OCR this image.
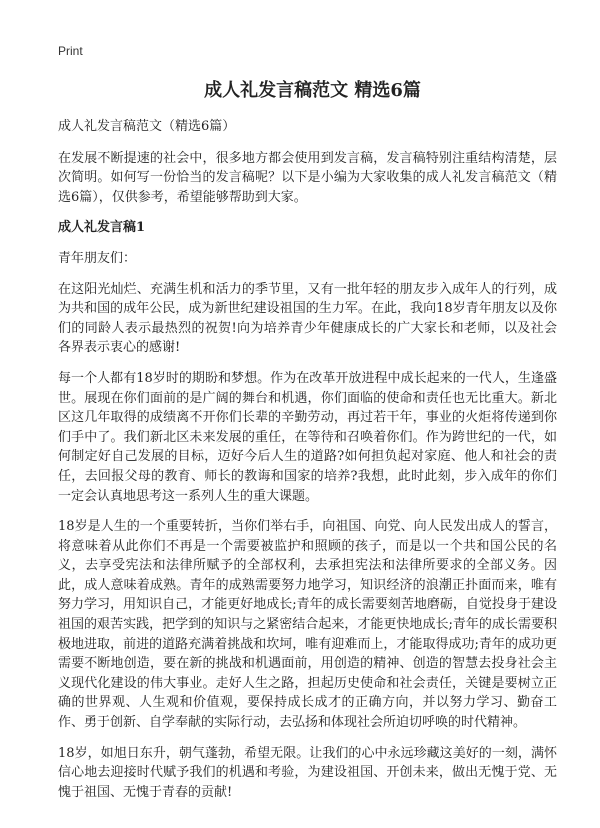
Print
成人礼发言稿范文 精选6篇

成人礼发言稿范文（精选6篇）

在发展不断提速的社会中，很多地方都会使用到发言稿，发言稿特别注重结构清楚，层次简明。如何写一份恰当的发言稿呢？以下是小编为大家收集的成人礼发言稿范文（精选6篇），仅供参考，希望能够帮助到大家。

成人礼发言稿1

青年朋友们：

在这阳光灿烂、充满生机和活力的季节里，又有一批年轻的朋友步入成年人的行列，成为共和国的成年公民，成为新世纪建设祖国的生力军。在此，我向18岁青年朋友以及你们的同龄人表示最热烈的祝贺!向为培养青少年健康成长的广大家长和老师，以及社会各界表示衷心的感谢!

每一个人都有18岁时的期盼和梦想。作为在改革开放进程中成长起来的一代人，生逢盛世。展现在你们面前的是广阔的舞台和机遇，你们面临的使命和责任也无比重大。新北区这几年取得的成绩离不开你们长辈的辛勤劳动，再过若干年，事业的火炬将传递到你们手中了。我们新北区未来发展的重任，在等待和召唤着你们。作为跨世纪的一代，如何制定好自己发展的目标，迈好今后人生的道路?如何担负起对家庭、他人和社会的责任，去回报父母的教育、师长的教诲和国家的培养?我想，此时此刻，步入成年的你们一定会认真地思考这一系列人生的重大课题。

18岁是人生的一个重要转折，当你们举右手，向祖国、向党、向人民发出成人的誓言，将意味着从此你们不再是一个需要被监护和照顾的孩子，而是以一个共和国公民的名义，去享受宪法和法律所赋予的全部权利，去承担宪法和法律所要求的全部义务。因此，成人意味着成熟。青年的成熟需要努力地学习，知识经济的浪潮正扑面而来，唯有努力学习，用知识自己，才能更好地成长;青年的成长需要刻苦地磨砺，自觉投身于建设祖国的艰苦实践，把学到的知识与之紧密结合起来，才能更快地成长;青年的成长需要积极地进取，前进的道路充满着挑战和坎坷，唯有迎难而上，才能取得成功;青年的成功更需要不断地创造，要在新的挑战和机遇面前，用创造的精神、创造的智慧去投身社会主义现代化建设的伟大事业。走好人生之路，担起历史使命和社会责任，关键是要树立正确的世界观、人生观和价值观，要保持成长成才的正确方向，并以努力学习、勤奋工作、勇于创新、自学奉献的实际行动，去弘扬和体现社会所迫切呼唤的时代精神。

18岁，如旭日东升，朝气蓬勃，希望无限。让我们的心中永远珍藏这美好的一刻，满怀信心地去迎接时代赋予我们的机遇和考验，为建设祖国、开创未来，做出无愧于党、无愧于祖国、无愧于青春的贡献!
